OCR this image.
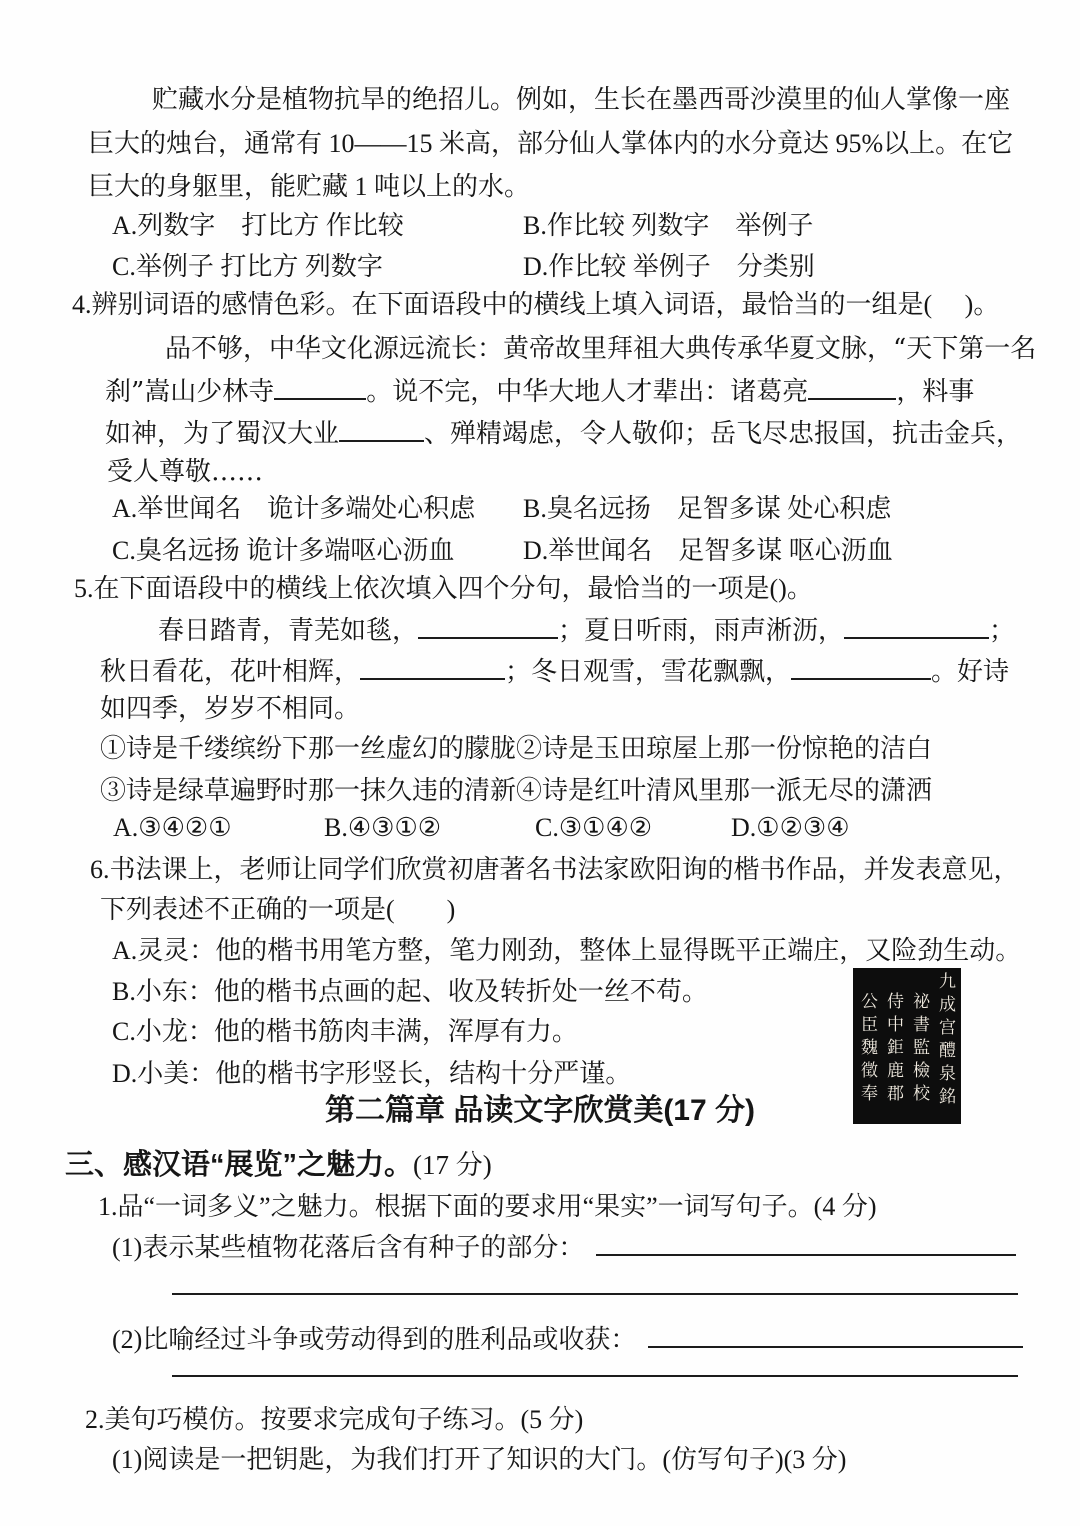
贮藏水分是植物抗旱的绝招儿。例如，生长在墨西哥沙漠里的仙人掌像一座
巨大的烛台，通常有 10——15 米高，部分仙人掌体内的水分竟达 95%以上。在它
巨大的身躯里，能贮藏 1 吨以上的水。
A.列数字　打比方 作比较	B.作比较 列数字　举例子
C.举例子 打比方 列数字	D.作比较 举例子　分类别
4.辨别词语的感情色彩。在下面语段中的横线上填入词语，最恰当的一组是(　 )。
品不够，中华文化源远流长：黄帝故里拜祖大典传承华夏文脉，“天下第一名
刹”嵩山少林寺	。说不完，中华大地人才辈出：诸葛亮	，料事
如神，为了蜀汉大业	、殚精竭虑，令人敬仰；岳飞尽忠报国，抗击金兵，
受人尊敬……
A.举世闻名　诡计多端处心积虑 B.臭名远扬　足智多谋 处心积虑
C.臭名远扬 诡计多端呕心沥血	D.举世闻名　足智多谋 呕心沥血
5.在下面语段中的横线上依次填入四个分句，最恰当的一项是()。
春日踏青，青芜如毯，	；夏日听雨，雨声淅沥，	；
秋日看花，花叶相辉，	；冬日观雪，雪花飘飘，	。好诗
如四季，岁岁不相同。
①诗是千缕缤纷下那一丝虚幻的朦胧②诗是玉田琼屋上那一份惊艳的洁白
③诗是绿草遍野时那一抹久违的清新④诗是红叶清风里那一派无尽的潇洒
A.③④②①	B.④③①②	C.③①④②	D.①②③④
6.书法课上，老师让同学们欣赏初唐著名书法家欧阳询的楷书作品，并发表意见，
下列表述不正确的一项是(　　)
A.灵灵：他的楷书用笔方整，笔力刚劲，整体上显得既平正端庄，又险劲生动。
B.小东：他的楷书点画的起、收及转折处一丝不苟。
C.小龙：他的楷书筋肉丰满，浑厚有力。
D.小美：他的楷书字形竖长，结构十分严谨。	九成宫醴泉銘
祕書監檢校
侍中鉅鹿郡
公臣魏徵奉
第二篇章 品读文字欣赏美(17 分)
三、感汉语“展览”之魅力。(17 分)
1.品“一词多义”之魅力。根据下面的要求用“果实”一词写句子。(4 分)
(1)表示某些植物花落后含有种子的部分：
(2)比喻经过斗争或劳动得到的胜利品或收获：
2.美句巧模仿。按要求完成句子练习。(5 分)
(1)阅读是一把钥匙，为我们打开了知识的大门。(仿写句子)(3 分)
